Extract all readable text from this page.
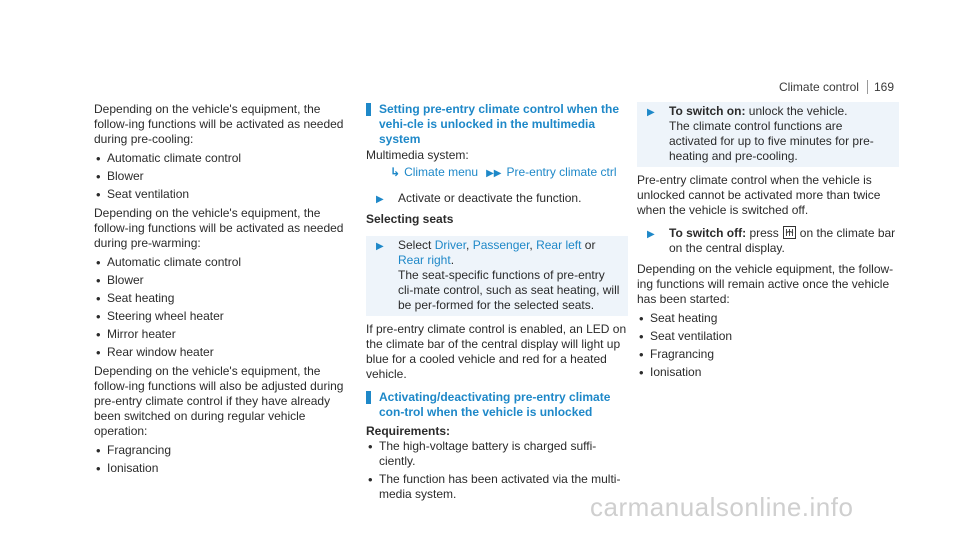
Climate control 169

Depending on the vehicle's equipment, the follow-ing functions will be activated as needed during pre-cooling:

• Automatic climate control
• Blower
• Seat ventilation

Depending on the vehicle's equipment, the follow-ing functions will be activated as needed during pre-warming:

• Automatic climate control
• Blower
• Seat heating
• Steering wheel heater
• Mirror heater
• Rear window heater

Depending on the vehicle's equipment, the follow-ing functions will also be adjusted during pre-entry climate control if they have already been switched on during regular vehicle operation:

• Fragrancing
• Ionisation
Setting pre-entry climate control when the vehi-cle is unlocked in the multimedia system

Multimedia system:

↳ Climate menu ▶▶ Pre-entry climate ctrl
▶ Activate or deactivate the function.
Selecting seats
▶ Select Driver, Passenger, Rear left or Rear right.
The seat-specific functions of pre-entry cli-mate control, such as seat heating, will be per-formed for the selected seats.

If pre-entry climate control is enabled, an LED on the climate bar of the central display will light up blue for a cooled vehicle and red for a heated vehicle.

Activating/deactivating pre-entry climate con-trol when the vehicle is unlocked
Requirements:
• The high-voltage battery is charged suffi-ciently.
• The function has been activated via the multi-media system.
▶ To switch on: unlock the vehicle.
The climate control functions are activated for up to five minutes for pre-heating and pre-cooling.

Pre-entry climate control when the vehicle is unlocked cannot be activated more than twice when the vehicle is switched off.

▶ To switch off: press on the climate bar on the central display.

Depending on the vehicle equipment, the follow-ing functions will remain active once the vehicle has been started:

• Seat heating
• Seat ventilation
• Fragrancing
• Ionisation
carmanualsonline.info
